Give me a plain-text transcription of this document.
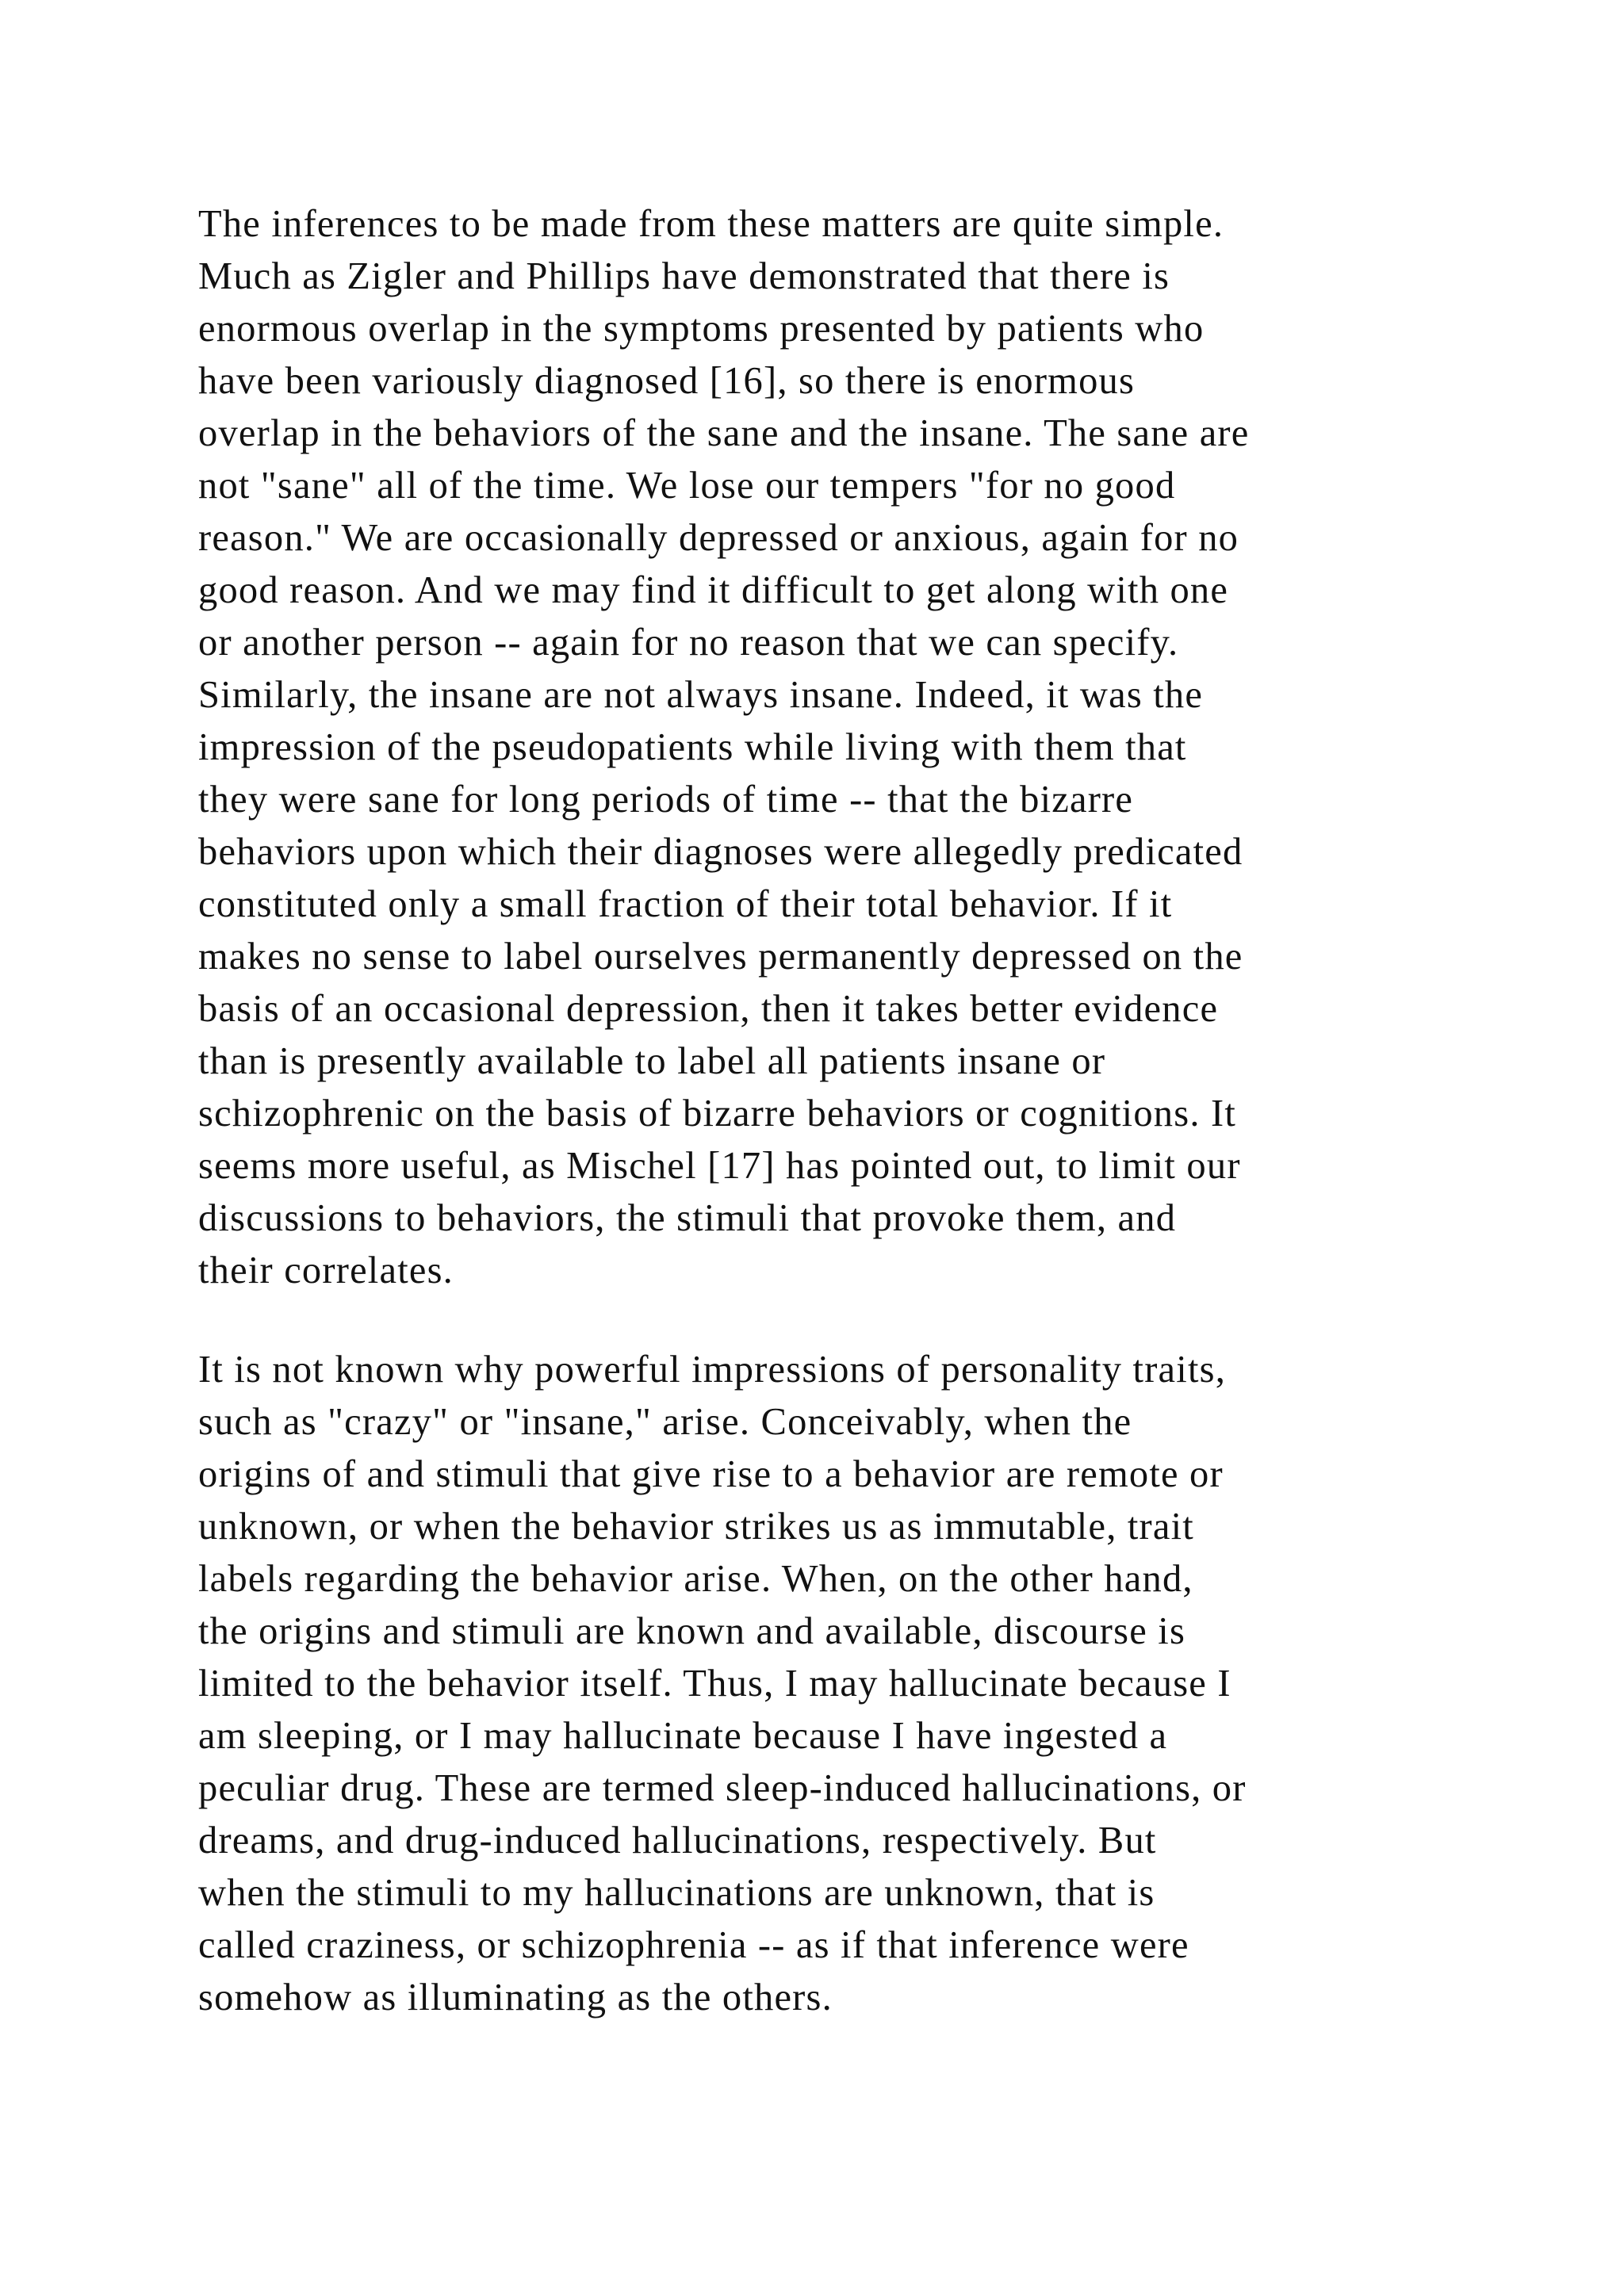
The inferences to be made from these matters are quite simple.
Much as Zigler and Phillips have demonstrated that there is
enormous overlap in the symptoms presented by patients who
have been variously diagnosed [16], so there is enormous
overlap in the behaviors of the sane and the insane. The sane are
not "sane" all of the time. We lose our tempers "for no good
reason." We are occasionally depressed or anxious, again for no
good reason. And we may find it difficult to get along with one
or another person -- again for no reason that we can specify.
Similarly, the insane are not always insane. Indeed, it was the
impression of the pseudopatients while living with them that
they were sane for long periods of time -- that the bizarre
behaviors upon which their diagnoses were allegedly predicated
constituted only a small fraction of their total behavior. If it
makes no sense to label ourselves permanently depressed on the
basis of an occasional depression, then it takes better evidence
than is presently available to label all patients insane or
schizophrenic on the basis of bizarre behaviors or cognitions. It
seems more useful, as Mischel [17] has pointed out, to limit our
discussions to behaviors, the stimuli that provoke them, and
their correlates.

It is not known why powerful impressions of personality traits,
such as "crazy" or "insane," arise. Conceivably, when the
origins of and stimuli that give rise to a behavior are remote or
unknown, or when the behavior strikes us as immutable, trait
labels regarding the behavior arise. When, on the other hand,
the origins and stimuli are known and available, discourse is
limited to the behavior itself. Thus, I may hallucinate because I
am sleeping, or I may hallucinate because I have ingested a
peculiar drug. These are termed sleep-induced hallucinations, or
dreams, and drug-induced hallucinations, respectively. But
when the stimuli to my hallucinations are unknown, that is
called craziness, or schizophrenia -- as if that inference were
somehow as illuminating as the others.
